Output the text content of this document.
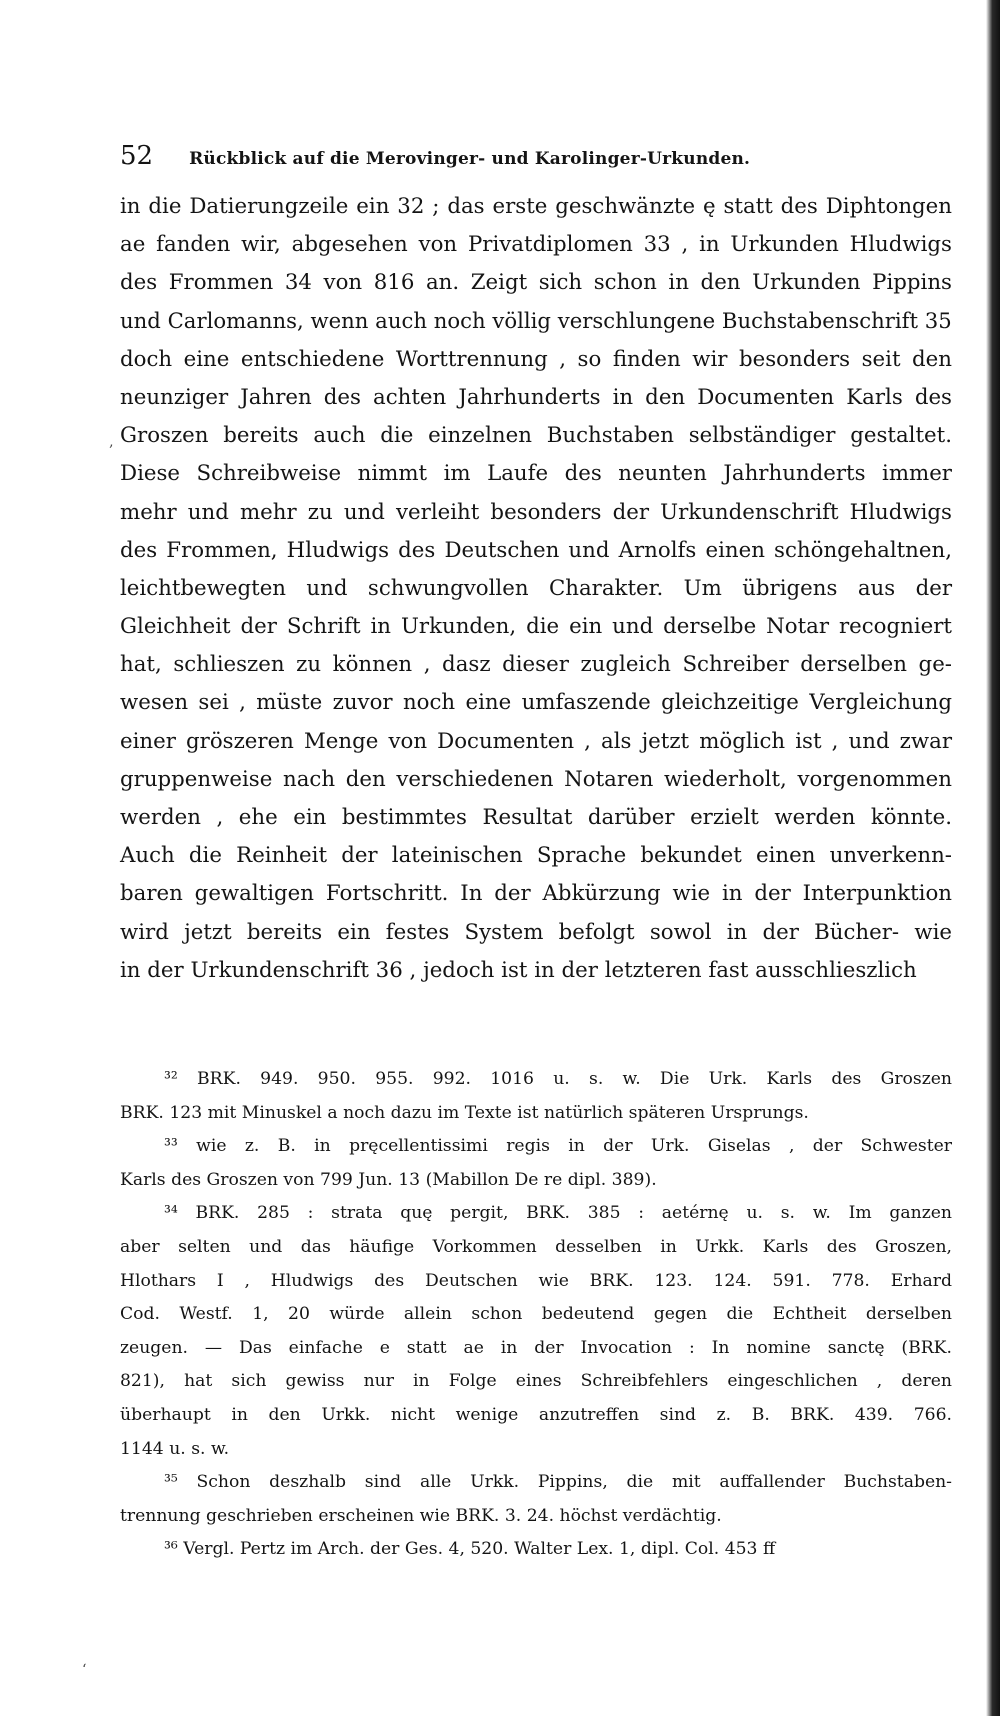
52 Rückblick auf die Merovinger- und Karolinger-Urkunden.
in die Datierungzeile ein 32 ; das erste geschwänzte ę statt des Diphtongen
ae fanden wir, abgesehen von Privatdiplomen 33 , in Urkunden Hludwigs
des Frommen 34 von 816 an. Zeigt sich schon in den Urkunden Pippins
und Carlomanns, wenn auch noch völlig verschlungene Buchstabenschrift 35
doch eine entschiedene Worttrennung , so finden wir besonders seit den
neunziger Jahren des achten Jahrhunderts in den Documenten Karls des
Groszen bereits auch die einzelnen Buchstaben selbständiger gestaltet.
Diese Schreibweise nimmt im Laufe des neunten Jahrhunderts immer
mehr und mehr zu und verleiht besonders der Urkundenschrift Hludwigs
des Frommen, Hludwigs des Deutschen und Arnolfs einen schöngehaltnen,
leichtbewegten und schwungvollen Charakter. Um übrigens aus der
Gleichheit der Schrift in Urkunden, die ein und derselbe Notar recogniert
hat, schlieszen zu können , dasz dieser zugleich Schreiber derselben ge-
wesen sei , müste zuvor noch eine umfaszende gleichzeitige Vergleichung
einer gröszeren Menge von Documenten , als jetzt möglich ist , und zwar
gruppenweise nach den verschiedenen Notaren wiederholt, vorgenommen
werden , ehe ein bestimmtes Resultat darüber erzielt werden könnte.
Auch die Reinheit der lateinischen Sprache bekundet einen unverkenn-
baren gewaltigen Fortschritt. In der Abkürzung wie in der Interpunktion
wird jetzt bereits ein festes System befolgt sowol in der Bücher- wie
in der Urkundenschrift 36 , jedoch ist in der letzteren fast ausschlieszlich
³² BRK. 949. 950. 955. 992. 1016 u. s. w. Die Urk. Karls des Groszen
BRK. 123 mit Minuskel a noch dazu im Texte ist natürlich späteren Ursprungs.
³³ wie z. B. in pręcellentissimi regis in der Urk. Giselas , der Schwester
Karls des Groszen von 799 Jun. 13 (Mabillon De re dipl. 389).
³⁴ BRK. 285 : strata quę pergit, BRK. 385 : aetérnę u. s. w. Im ganzen
aber selten und das häufige Vorkommen desselben in Urkk. Karls des Groszen,
Hlothars I , Hludwigs des Deutschen wie BRK. 123. 124. 591. 778. Erhard
Cod. Westf. 1, 20 würde allein schon bedeutend gegen die Echtheit derselben
zeugen. — Das einfache e statt ae in der Invocation : In nomine sanctę (BRK.
821), hat sich gewiss nur in Folge eines Schreibfehlers eingeschlichen , deren
überhaupt in den Urkk. nicht wenige anzutreffen sind z. B. BRK. 439. 766.
1144 u. s. w.
³⁵ Schon deszhalb sind alle Urkk. Pippins, die mit auffallender Buchstaben-
trennung geschrieben erscheinen wie BRK. 3. 24. höchst verdächtig.
³⁶ Vergl. Pertz im Arch. der Ges. 4, 520. Walter Lex. 1, dipl. Col. 453 ff
‚
‘
